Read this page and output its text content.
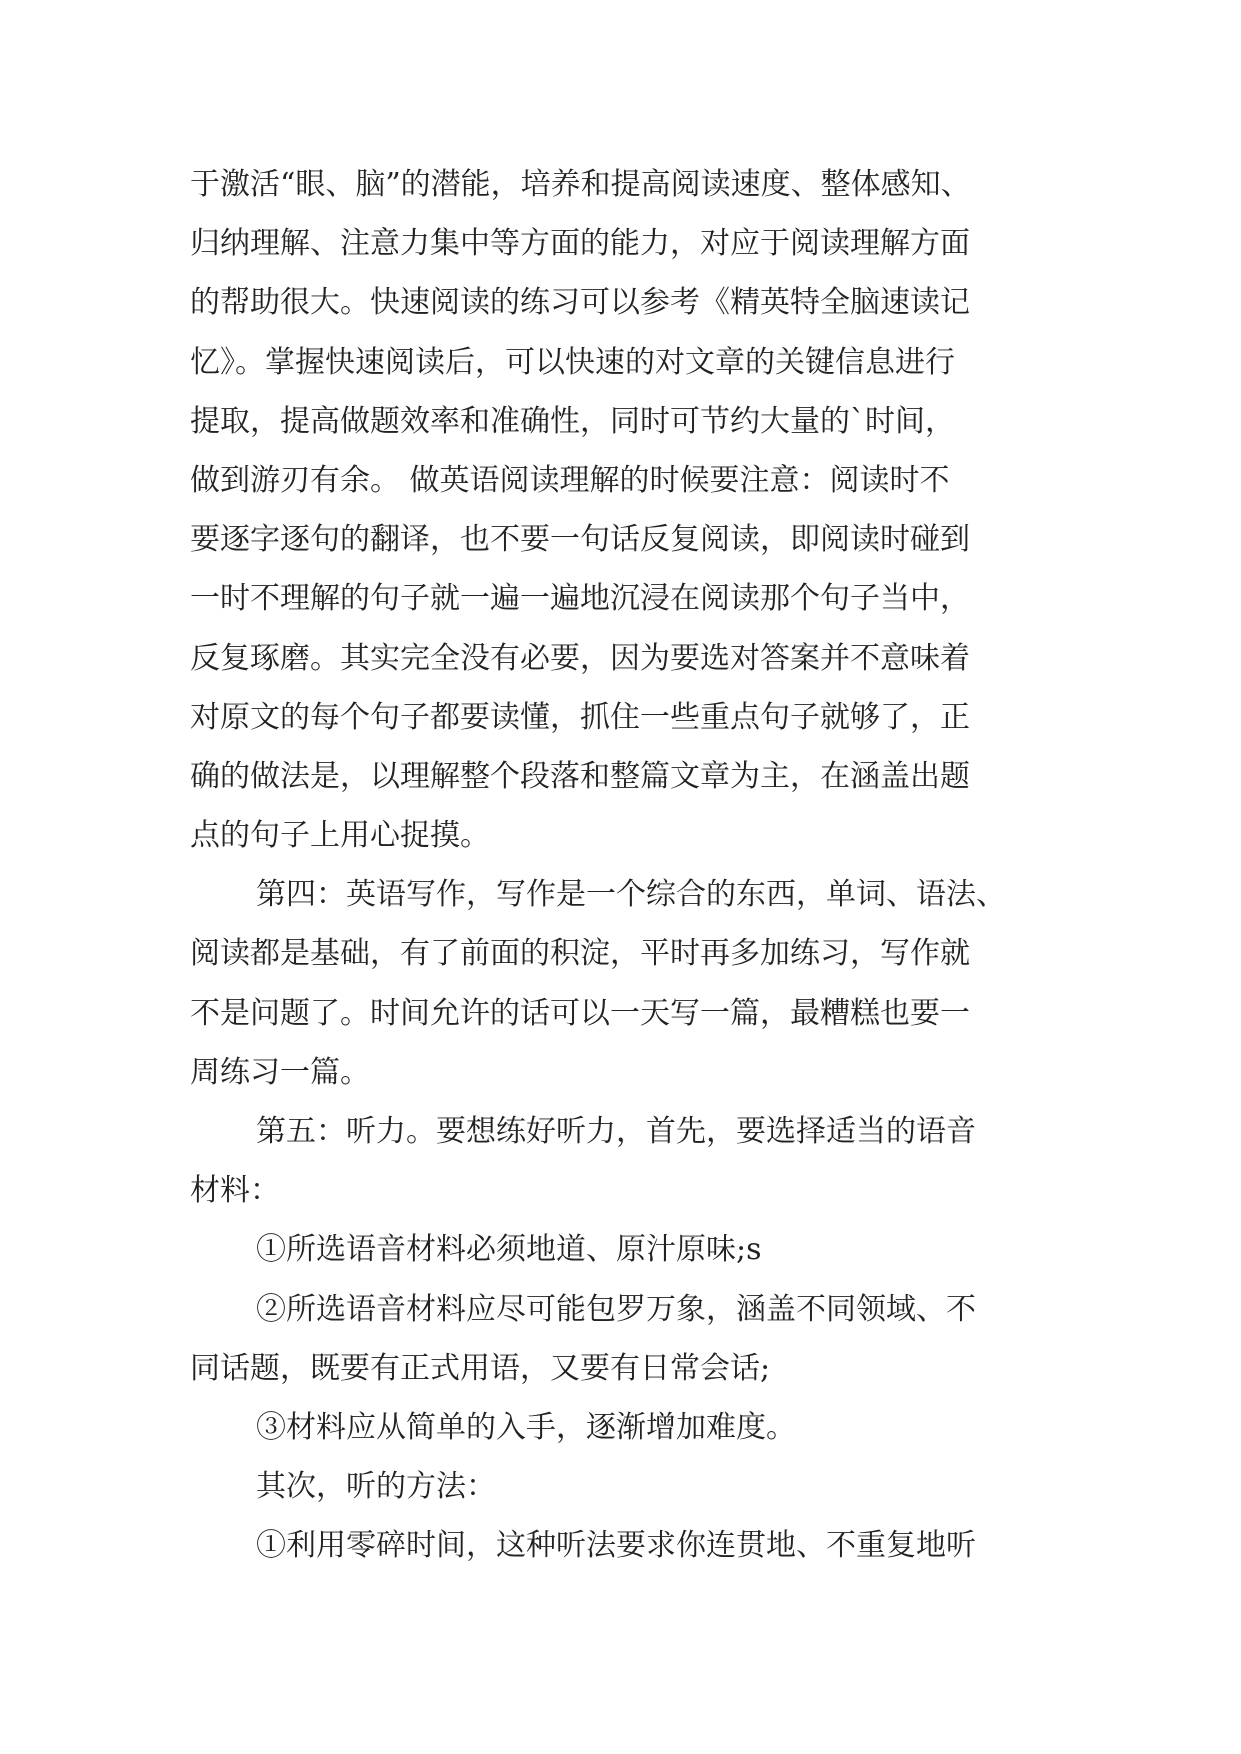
于激活“眼、脑”的潜能，培养和提高阅读速度、整体感知、
归纳理解、注意力集中等方面的能力，对应于阅读理解方面
的帮助很大。快速阅读的练习可以参考《精英特全脑速读记
忆》。掌握快速阅读后，可以快速的对文章的关键信息进行
提取，提高做题效率和准确性，同时可节约大量的`时间，
做到游刃有余。 做英语阅读理解的时候要注意：阅读时不
要逐字逐句的翻译，也不要一句话反复阅读，即阅读时碰到
一时不理解的句子就一遍一遍地沉浸在阅读那个句子当中，
反复琢磨。其实完全没有必要，因为要选对答案并不意味着
对原文的每个句子都要读懂，抓住一些重点句子就够了，正
确的做法是，以理解整个段落和整篇文章为主，在涵盖出题
点的句子上用心捉摸。
第四：英语写作，写作是一个综合的东西，单词、语法、
阅读都是基础，有了前面的积淀，平时再多加练习，写作就
不是问题了。时间允许的话可以一天写一篇，最糟糕也要一
周练习一篇。
第五：听力。要想练好听力，首先，要选择适当的语音
材料：
①所选语音材料必须地道、原汁原味;s
②所选语音材料应尽可能包罗万象，涵盖不同领域、不
同话题，既要有正式用语，又要有日常会话;
③材料应从简单的入手，逐渐增加难度。
其次，听的方法：
①利用零碎时间，这种听法要求你连贯地、不重复地听
